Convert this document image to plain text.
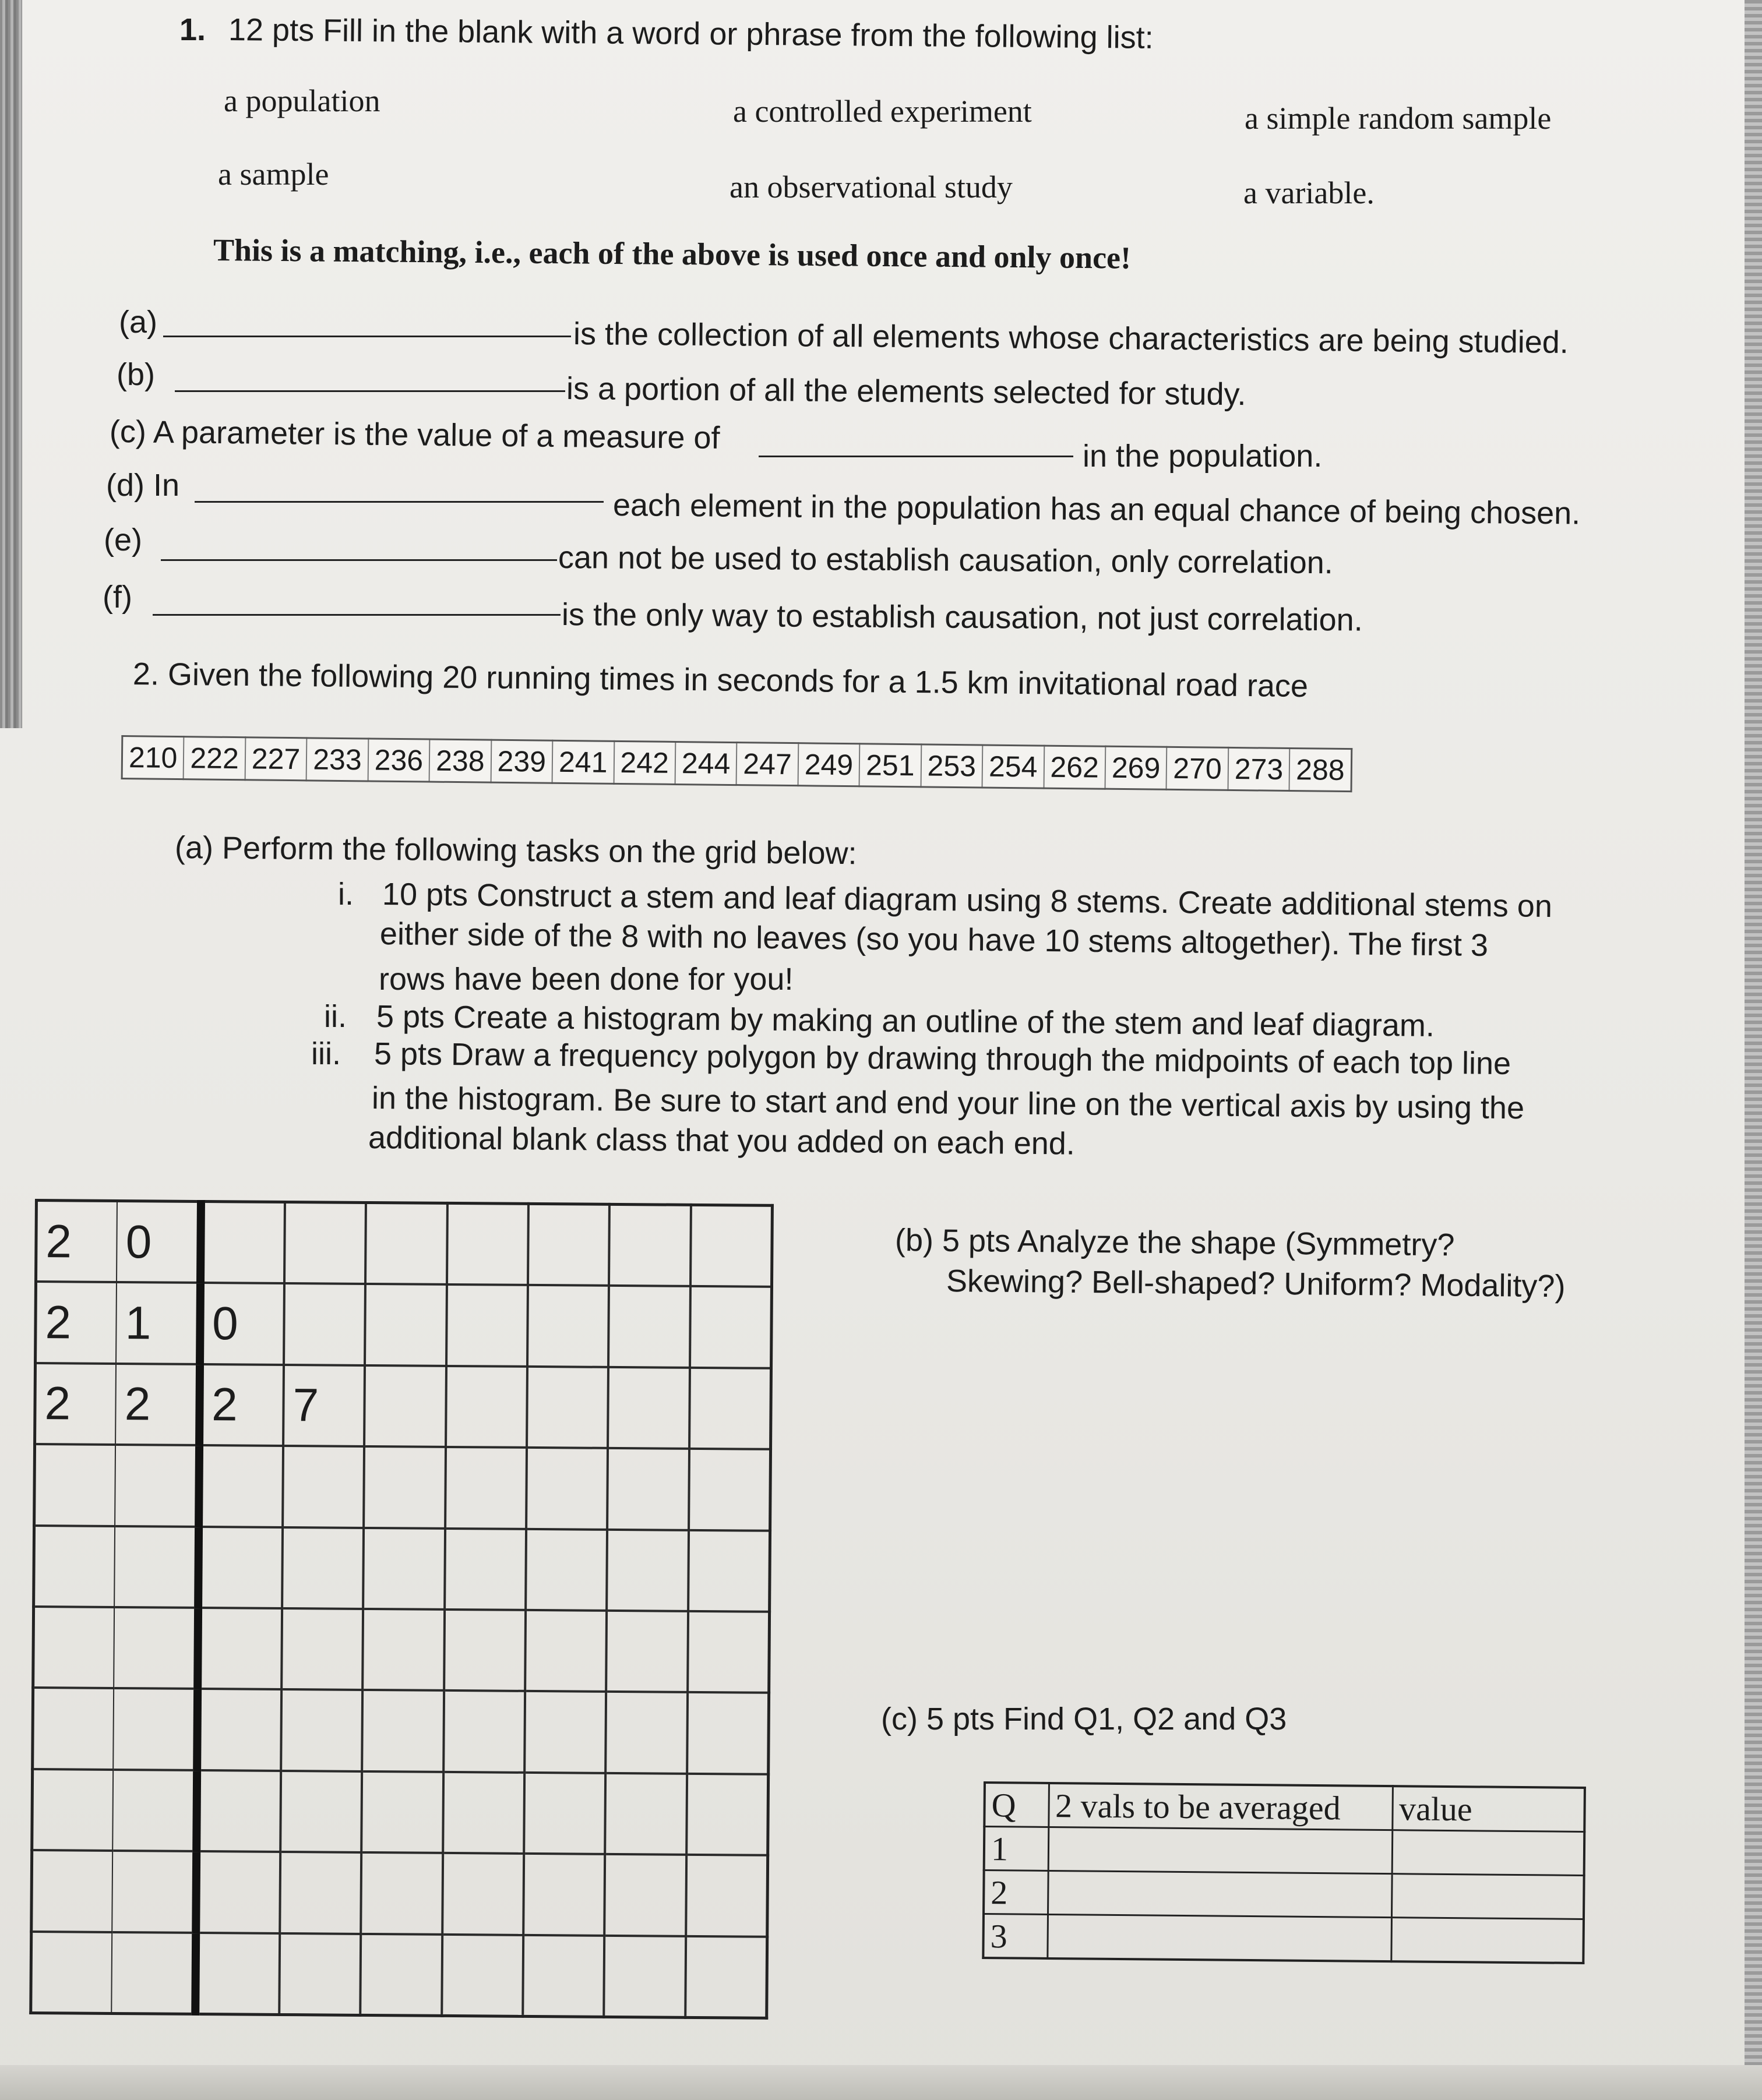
1. 12 pts Fill in the blank with a word or phrase from the following list:
a population	a controlled experiment	a simple random sample
a sample	an observational study	a variable.
This is a matching, i.e., each of the above is used once and only once!
(a)	is the collection of all elements whose characteristics are being studied.
(b)	is a portion of all the elements selected for study.
(c) A parameter is the value of a measure of
in the population.
(d) In
each element in the population has an equal chance of being chosen.
(e)
can not be used to establish causation, only correlation.
(f)
is the only way to establish causation, not just correlation.
2. Given the following 20 running times in seconds for a 1.5 km invitational road race
210	222	227	233	236	238	239	241	242	244	247	249	251	253	254	262	269	270	273	288
(a) Perform the following tasks on the grid below:
i. 10 pts Construct a stem and leaf diagram using 8 stems. Create additional stems on
either side of the 8 with no leaves (so you have 10 stems altogether). The first 3
rows have been done for you!
ii. 5 pts Create a histogram by making an outline of the stem and leaf diagram.
iii. 5 pts Draw a frequency polygon by drawing through the midpoints of each top line
in the histogram. Be sure to start and end your line on the vertical axis by using the
additional blank class that you added on each end.
2	0							
2	1	0						
2	2	2	7					

(b) 5 pts Analyze the shape (Symmetry?
Skewing? Bell-shaped? Uniform? Modality?)
(c) 5 pts Find Q1, Q2 and Q3
Q	2 vals to be averaged	value
1		
2		
3		
